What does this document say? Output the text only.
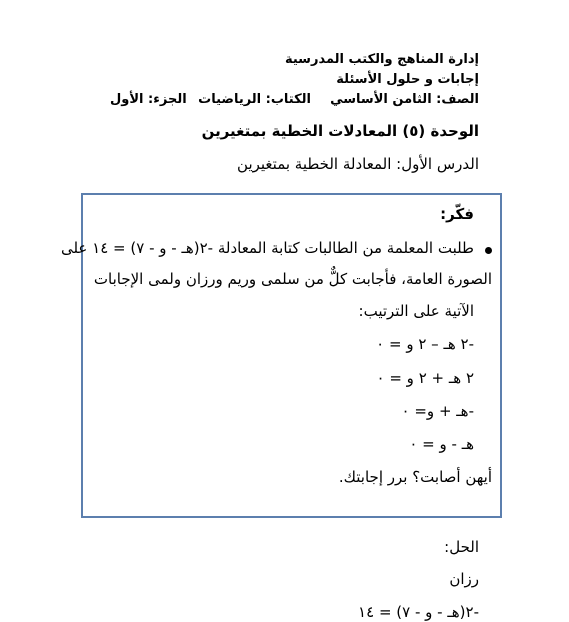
إدارة المناهج والكتب المدرسية
إجابات و حلول الأسئلة
الصف: الثامن الأساسي
الكتاب: الرياضيات
الجزء: الأول
الوحدة (٥) المعادلات الخطية بمتغيرين
الدرس الأول: المعادلة الخطية بمتغيرين
فكّر:
طلبت المعلمة من الطالبات كتابة المعادلة -٢(هـ - و - ٧) = ١٤ على
الصورة العامة، فأجابت كلٌّ من سلمى وريم ورزان ولمى الإجابات
الآتية على الترتيب:
-٢ هـ – ٢ و = ٠
٢ هـ + ٢ و = ٠
-هـ + و= ٠
هـ - و = ٠
أيهن أصابت؟ برر إجابتك.
الحل:
رزان
-٢(هـ - و - ٧) = ١٤
